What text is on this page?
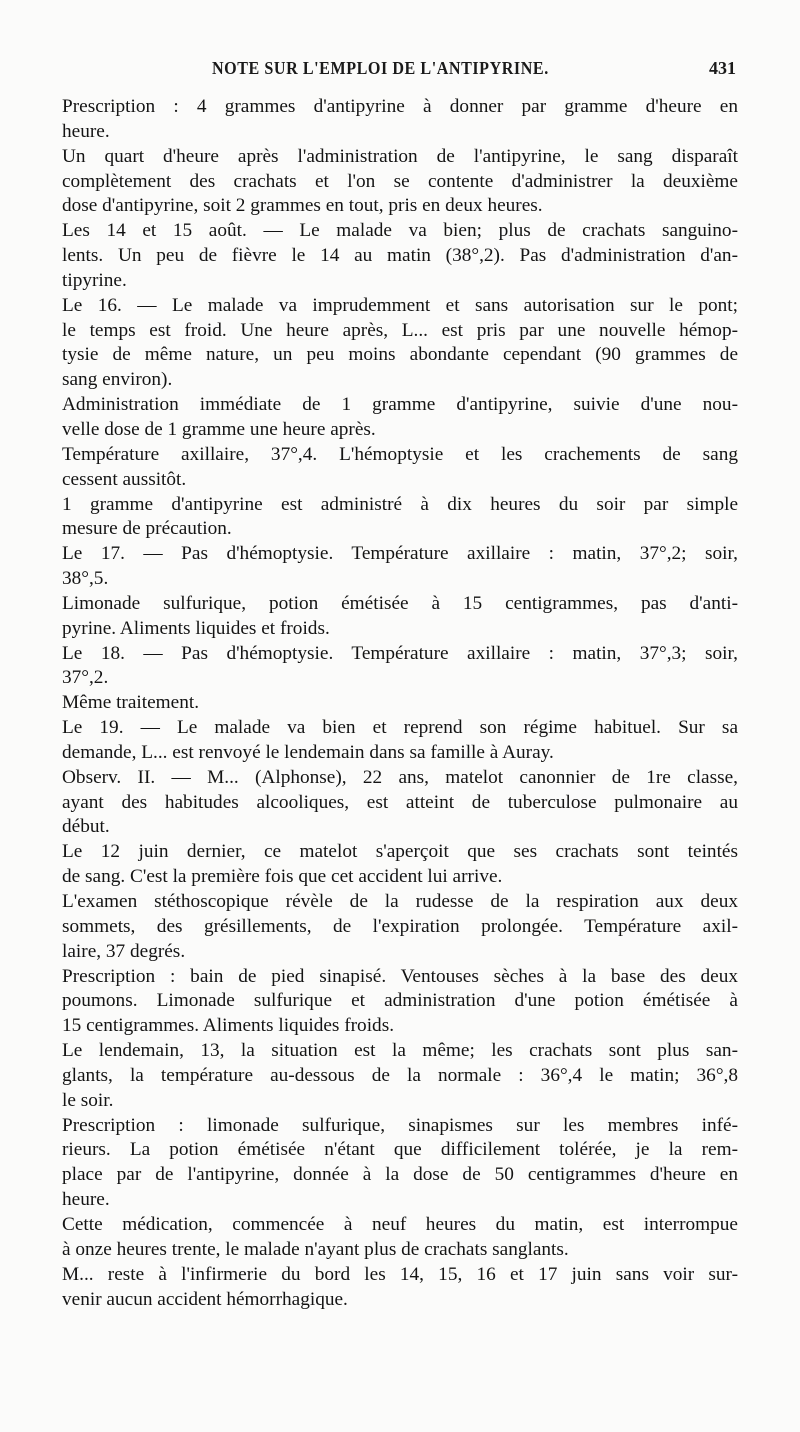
NOTE SUR L'EMPLOI DE L'ANTIPYRINE.	431

Prescription : 4 grammes d'antipyrine à donner par gramme d'heure en
heure.

Un quart d'heure après l'administration de l'antipyrine, le sang disparaît
complètement des crachats et l'on se contente d'administrer la deuxième
dose d'antipyrine, soit 2 grammes en tout, pris en deux heures.

Les 14 et 15 août. — Le malade va bien; plus de crachats sanguino-
lents. Un peu de fièvre le 14 au matin (38°,2). Pas d'administration d'an-
tipyrine.

Le 16. — Le malade va imprudemment et sans autorisation sur le pont;
le temps est froid. Une heure après, L... est pris par une nouvelle hémop-
tysie de même nature, un peu moins abondante cependant (90 grammes de
sang environ).

Administration immédiate de 1 gramme d'antipyrine, suivie d'une nou-
velle dose de 1 gramme une heure après.

Température axillaire, 37°,4. L'hémoptysie et les crachements de sang
cessent aussitôt.

1 gramme d'antipyrine est administré à dix heures du soir par simple
mesure de précaution.

Le 17. — Pas d'hémoptysie. Température axillaire : matin, 37°,2; soir,
38°,5.

Limonade sulfurique, potion émétisée à 15 centigrammes, pas d'anti-
pyrine. Aliments liquides et froids.

Le 18. — Pas d'hémoptysie. Température axillaire : matin, 37°,3; soir,
37°,2.

Même traitement.

Le 19. — Le malade va bien et reprend son régime habituel. Sur sa
demande, L... est renvoyé le lendemain dans sa famille à Auray.

Observ. II. — M... (Alphonse), 22 ans, matelot canonnier de 1re classe,
ayant des habitudes alcooliques, est atteint de tuberculose pulmonaire au
début.

Le 12 juin dernier, ce matelot s'aperçoit que ses crachats sont teintés
de sang. C'est la première fois que cet accident lui arrive.

L'examen stéthoscopique révèle de la rudesse de la respiration aux deux
sommets, des grésillements, de l'expiration prolongée. Température axil-
laire, 37 degrés.

Prescription : bain de pied sinapisé. Ventouses sèches à la base des deux
poumons. Limonade sulfurique et administration d'une potion émétisée à
15 centigrammes. Aliments liquides froids.

Le lendemain, 13, la situation est la même; les crachats sont plus san-
glants, la température au-dessous de la normale : 36°,4 le matin; 36°,8
le soir.

Prescription : limonade sulfurique, sinapismes sur les membres infé-
rieurs. La potion émétisée n'étant que difficilement tolérée, je la rem-
place par de l'antipyrine, donnée à la dose de 50 centigrammes d'heure en
heure.

Cette médication, commencée à neuf heures du matin, est interrompue
à onze heures trente, le malade n'ayant plus de crachats sanglants.

M... reste à l'infirmerie du bord les 14, 15, 16 et 17 juin sans voir sur-
venir aucun accident hémorrhagique.
